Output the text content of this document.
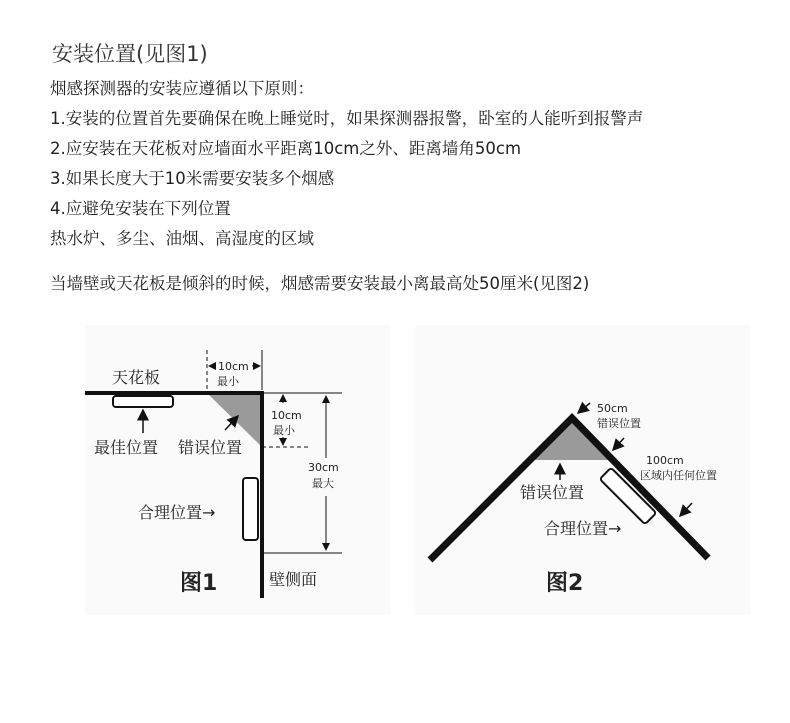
安装位置(见图1)
烟感探测器的安装应遵循以下原则：
1.安装的位置首先要确保在晚上睡觉时，如果探测器报警，卧室的人能听到报警声
2.应安装在天花板对应墙面水平距离10cm之外、距离墙角50cm
3.如果长度大于10米需要安装多个烟感
4.应避免安装在下列位置
热水炉、多尘、油烟、高湿度的区域
当墙壁或天花板是倾斜的时候，烟感需要安装最小离最高处50厘米(见图2)
天花板
最佳位置 错误位置
10cm
最小
10cm
最小
30cm
最大
合理位置→
壁侧面
图1
50cm
错误位置
100cm
区域内任何位置
错误位置
合理位置→
图2
